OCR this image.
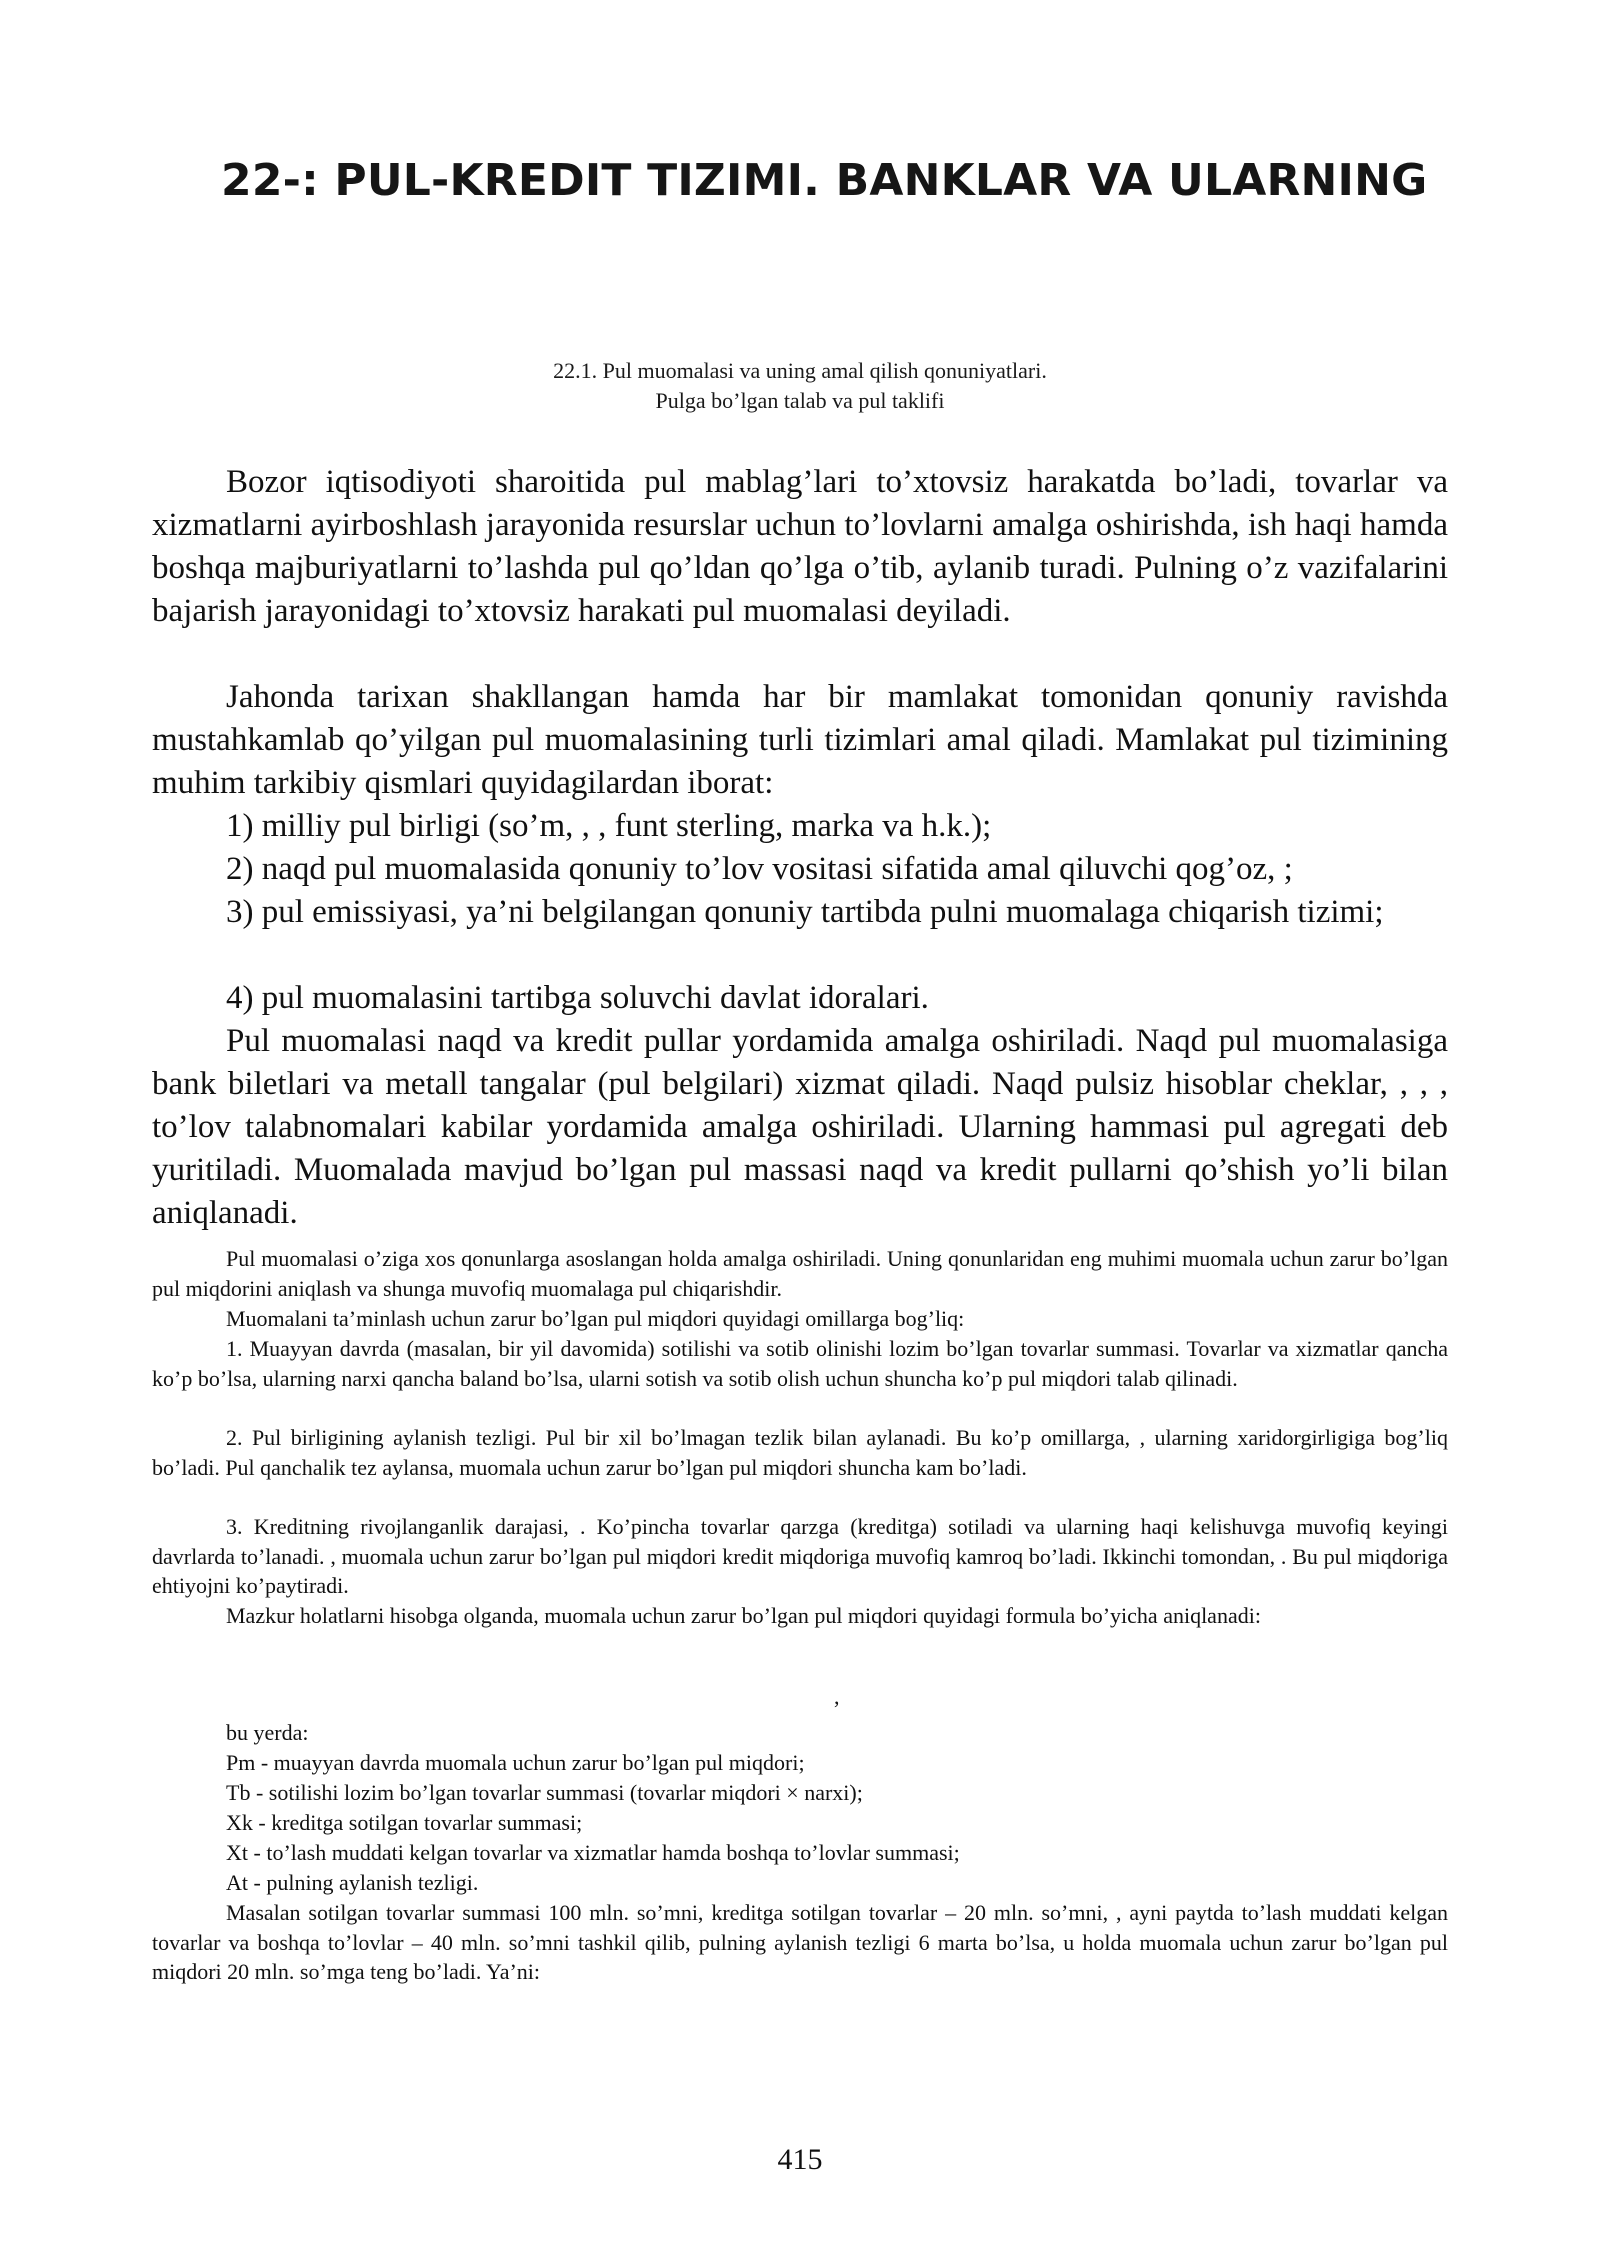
22-: PUL-KREDIT TIZIMI. BANKLAR VA ULARNING

22.1. Pul muomalasi va uning amal qilish qonuniyatlari.

Pulga bo’lgan talab va pul taklifi

Bozor iqtisodiyoti sharoitida pul mablag’lari to’xtovsiz harakatda bo’ladi, tovarlar va xizmatlarni ayirboshlash jarayonida resurslar uchun to’lovlarni amalga oshirishda, ish haqi hamda boshqa majburiyatlarni to’lashda pul qo’ldan qo’lga o’tib, aylanib turadi. Pulning o’z vazifalarini bajarish jarayonidagi to’xtovsiz harakati pul muomalasi deyiladi.

Jahonda tarixan shakllangan hamda har bir mamlakat tomonidan qonuniy ravishda mustahkamlab qo’yilgan pul muomalasining turli tizimlari amal qiladi. Mamlakat pul tizimining muhim tarkibiy qismlari quyidagilardan iborat:

1) milliy pul birligi (so’m, , , funt sterling, marka va h.k.);

2) naqd pul muomalasida qonuniy to’lov vositasi sifatida amal qiluvchi qog’oz, ;

3) pul emissiyasi, ya’ni belgilangan qonuniy tartibda pulni muomalaga chiqarish tizimi;

4) pul muomalasini tartibga soluvchi davlat idoralari.

Pul muomalasi naqd va kredit pullar yordamida amalga oshiriladi. Naqd pul muomalasiga bank biletlari va metall tangalar (pul belgilari) xizmat qiladi. Naqd pulsiz hisoblar cheklar, , , , to’lov talabnomalari kabilar yordamida amalga oshiriladi. Ularning hammasi pul agregati deb yuritiladi. Muomalada mavjud bo’lgan pul massasi naqd va kredit pullarni qo’shish yo’li bilan aniqlanadi.

Pul muomalasi o’ziga xos qonunlarga asoslangan holda amalga oshiriladi. Uning qonunlaridan eng muhimi muomala uchun zarur bo’lgan pul miqdorini aniqlash va shunga muvofiq muomalaga pul chiqarishdir.

Muomalani ta’minlash uchun zarur bo’lgan pul miqdori quyidagi omillarga bog’liq:

1. Muayyan davrda (masalan, bir yil davomida) sotilishi va sotib olinishi lozim bo’lgan tovarlar summasi. Tovarlar va xizmatlar qancha ko’p bo’lsa, ularning narxi qancha baland bo’lsa, ularni sotish va sotib olish uchun shuncha ko’p pul miqdori talab qilinadi.

2. Pul birligining aylanish tezligi. Pul bir xil bo’lmagan tezlik bilan aylanadi. Bu ko’p omillarga, , ularning xaridorgirligiga bog’liq bo’ladi. Pul qanchalik tez aylansa, muomala uchun zarur bo’lgan pul miqdori shuncha kam bo’ladi.

3. Kreditning rivojlanganlik darajasi, . Ko’pincha tovarlar qarzga (kreditga) sotiladi va ularning haqi kelishuvga muvofiq keyingi davrlarda to’lanadi. , muomala uchun zarur bo’lgan pul miqdori kredit miqdoriga muvofiq kamroq bo’ladi. Ikkinchi tomondan, . Bu pul miqdoriga ehtiyojni ko’paytiradi.

Mazkur holatlarni hisobga olganda, muomala uchun zarur bo’lgan pul miqdori quyidagi formula bo’yicha aniqlanadi:

,

bu yerda:

Pm - muayyan davrda muomala uchun zarur bo’lgan pul miqdori;

Tb - sotilishi lozim bo’lgan tovarlar summasi (tovarlar miqdori × narxi);

Xk - kreditga sotilgan tovarlar summasi;

Xt - to’lash muddati kelgan tovarlar va xizmatlar hamda boshqa to’lovlar summasi;

At - pulning aylanish tezligi.

Masalan sotilgan tovarlar summasi 100 mln. so’mni, kreditga sotilgan tovarlar – 20 mln. so’mni, , ayni paytda to’lash muddati kelgan tovarlar va boshqa to’lovlar – 40 mln. so’mni tashkil qilib, pulning aylanish tezligi 6 marta bo’lsa, u holda muomala uchun zarur bo’lgan pul miqdori 20 mln. so’mga teng bo’ladi. Ya’ni:

415
